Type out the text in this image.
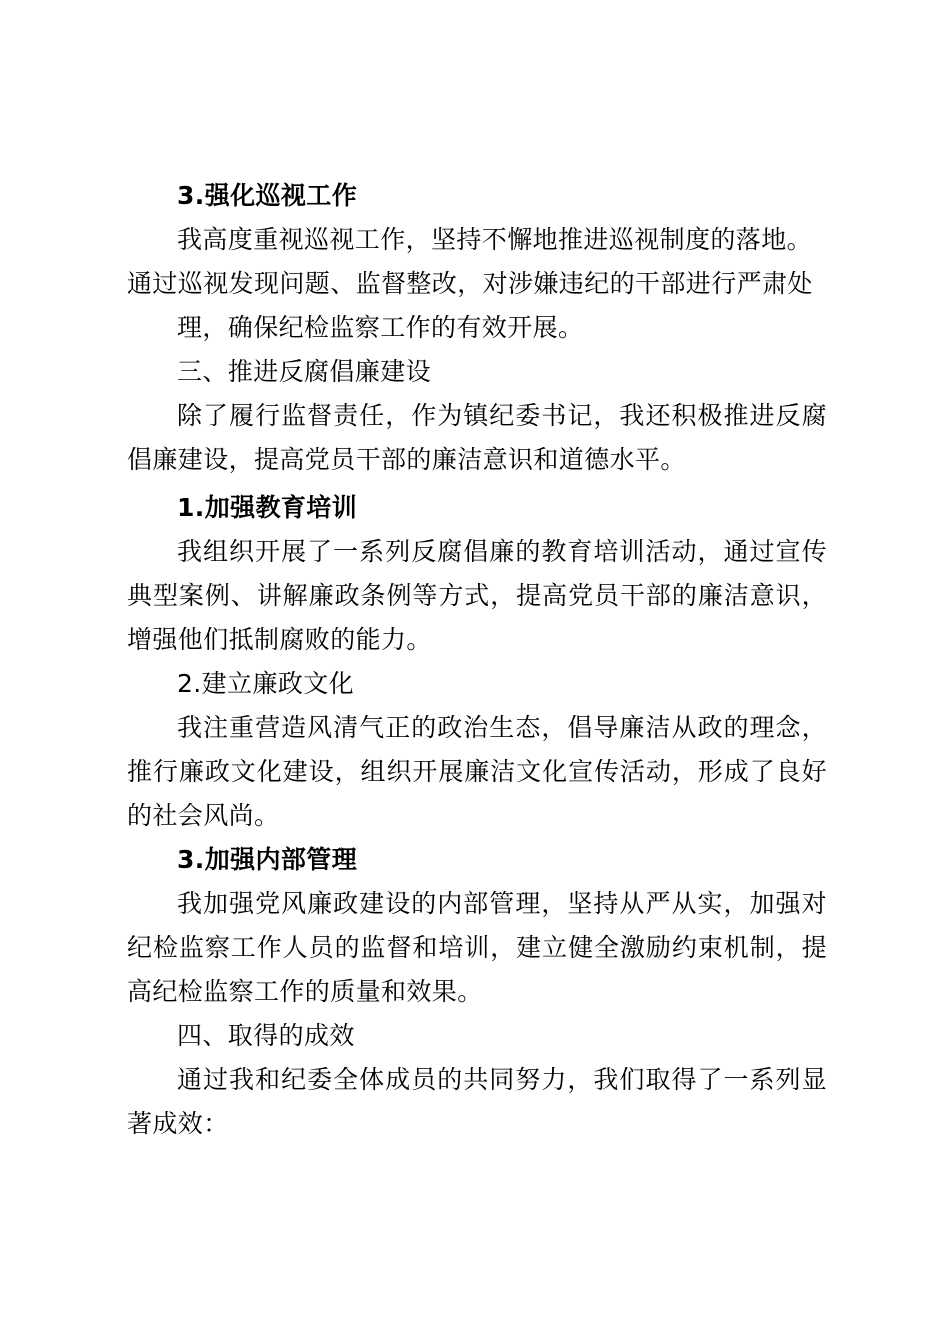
3.强化巡视工作
我高度重视巡视工作，坚持不懈地推进巡视制度的落地。
通过巡视发现问题、监督整改，对涉嫌违纪的干部进行严肃处
理，确保纪检监察工作的有效开展。
三、推进反腐倡廉建设
除了履行监督责任，作为镇纪委书记，我还积极推进反腐倡廉建设，提高党员干部的廉洁意识和道德水平。
1.加强教育培训
我组织开展了一系列反腐倡廉的教育培训活动，通过宣传典型案例、讲解廉政条例等方式，提高党员干部的廉洁意识，增强他们抵制腐败的能力。
2.建立廉政文化
我注重营造风清气正的政治生态，倡导廉洁从政的理念，推行廉政文化建设，组织开展廉洁文化宣传活动，形成了良好的社会风尚。
3.加强内部管理
我加强党风廉政建设的内部管理，坚持从严从实，加强对纪检监察工作人员的监督和培训，建立健全激励约束机制，提高纪检监察工作的质量和效果。
四、取得的成效
通过我和纪委全体成员的共同努力，我们取得了一系列显著成效：
